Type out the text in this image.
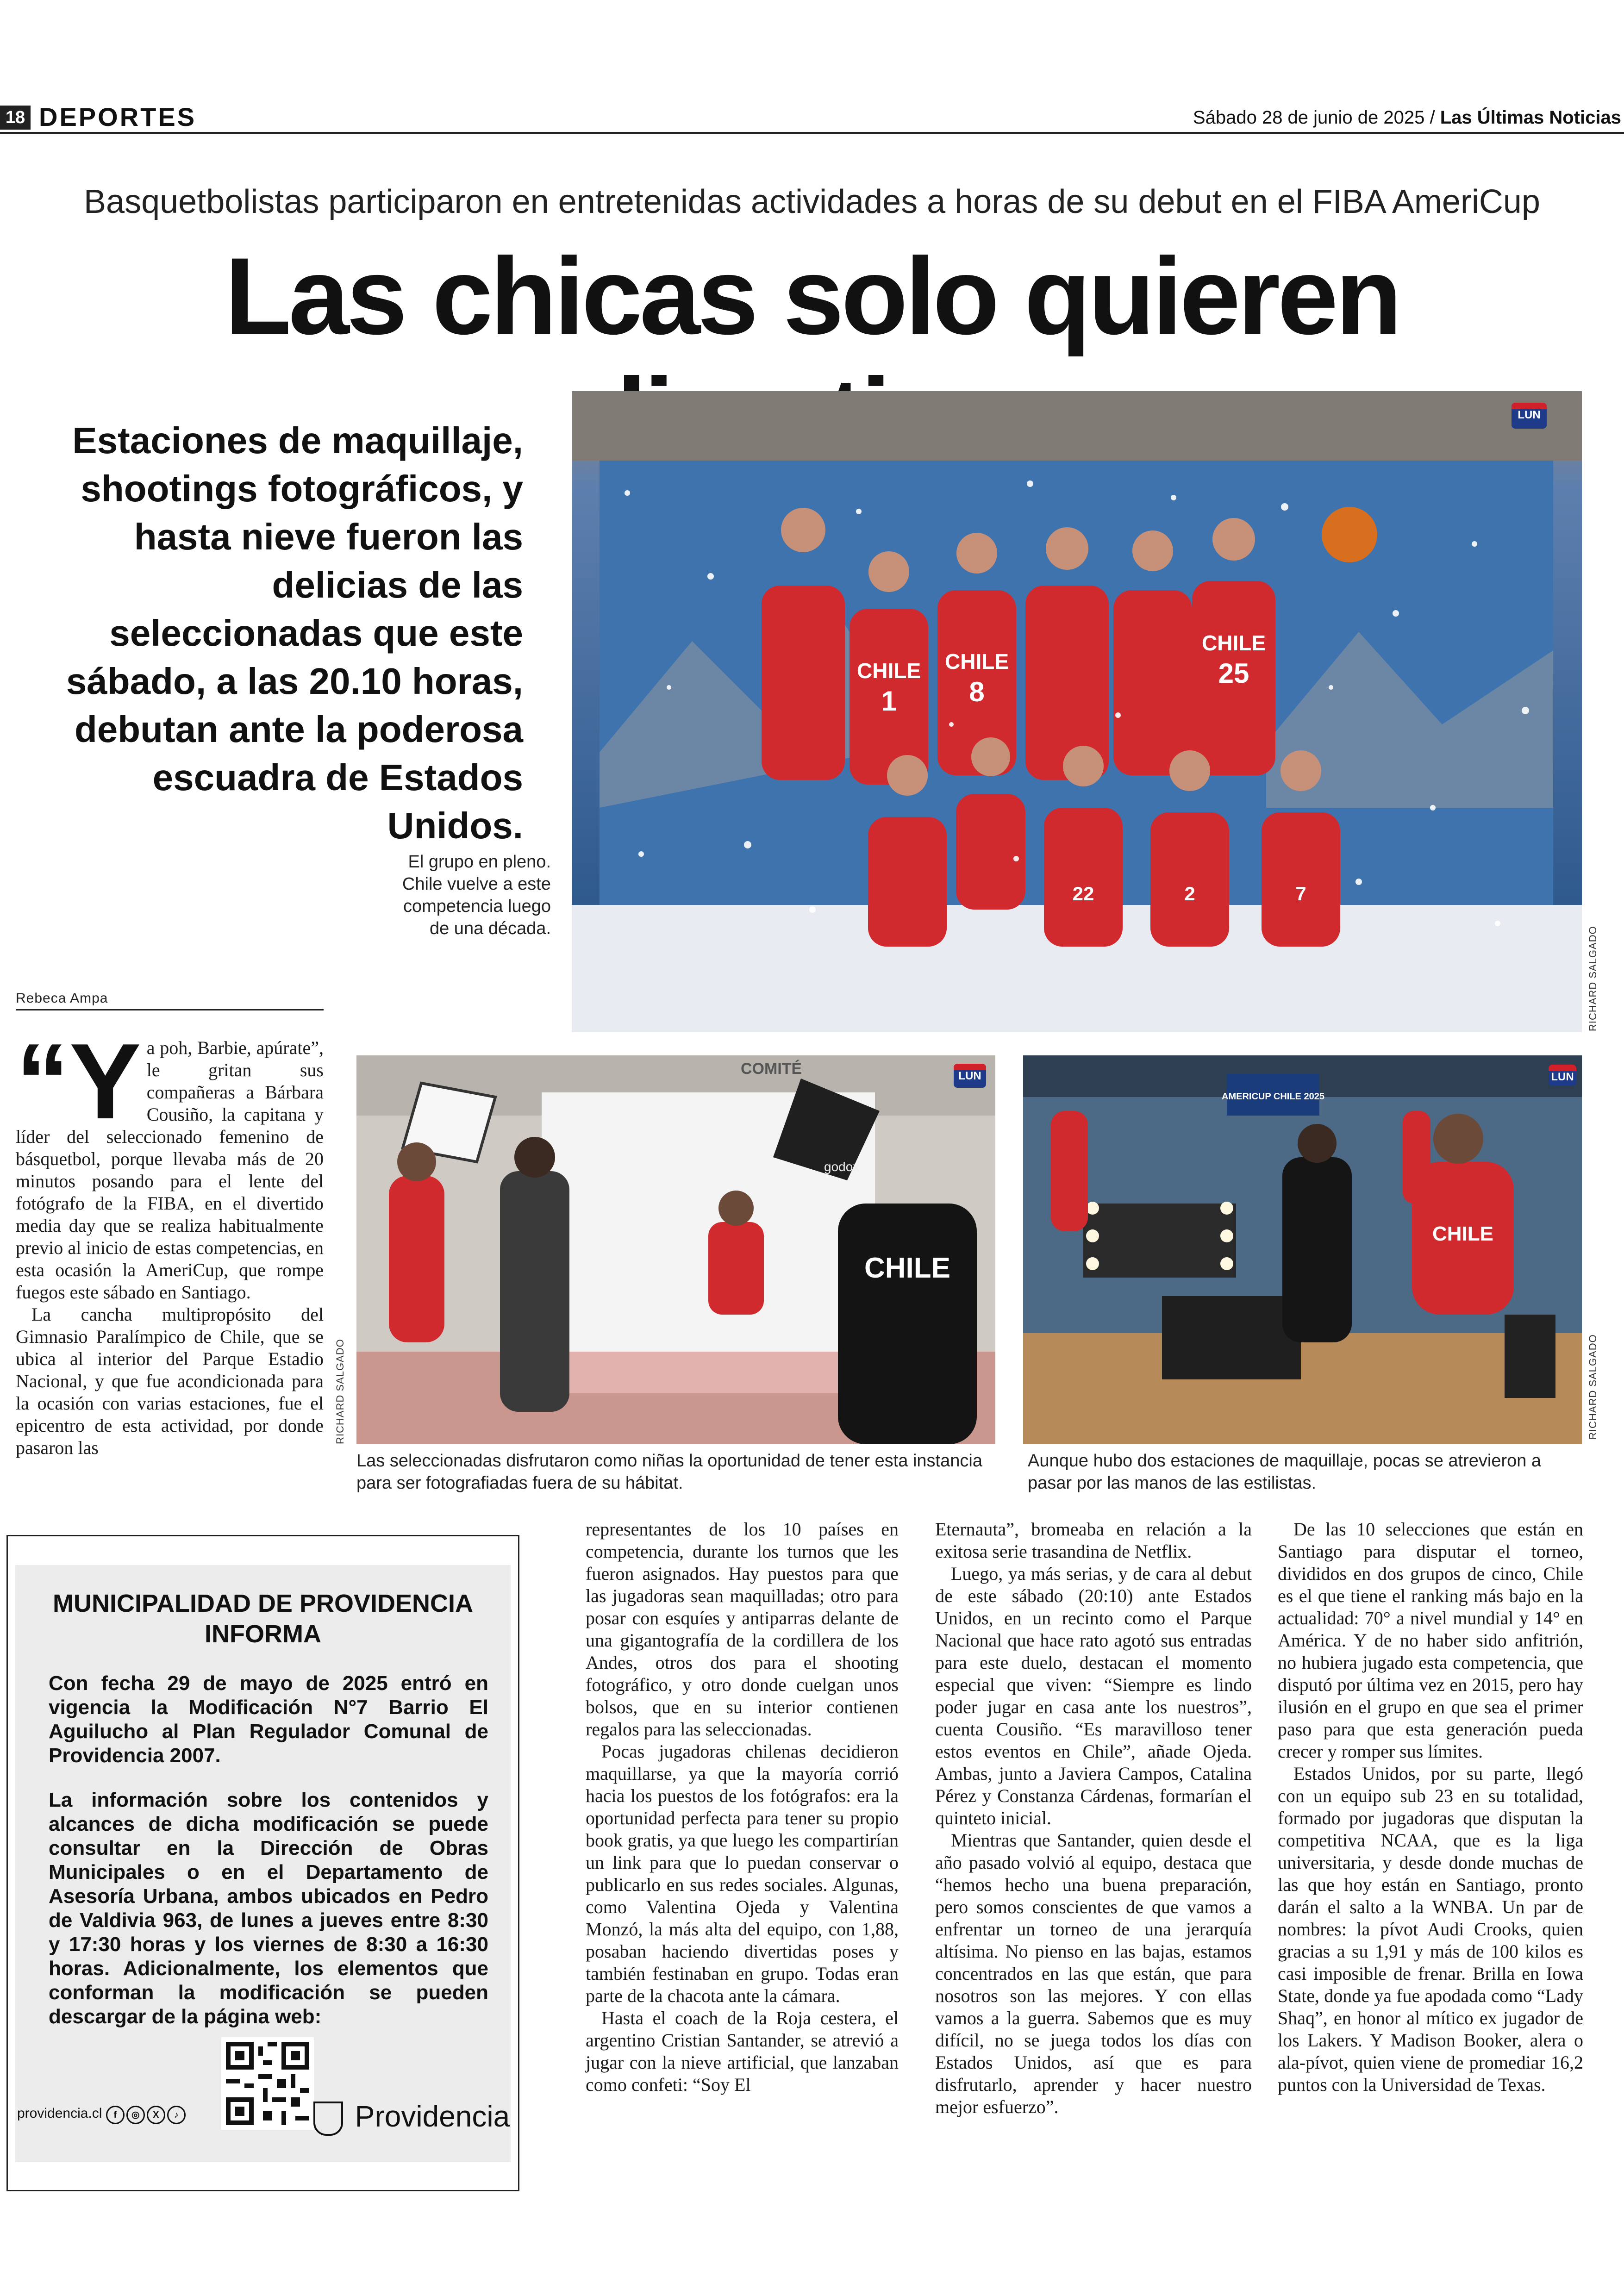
18 DEPORTES	Sábado 28 de junio de 2025 / Las Últimas Noticias
Basquetbolistas participaron en entretenidas actividades a horas de su debut en el FIBA AmeriCup
Las chicas solo quieren
Estaciones de maquillaje, shootings fotográficos, y hasta nieve fueron las delicias de las seleccionadas que este sábado, a las 20.10 horas, debutan ante la poderosa escuadra de Estados Unidos.
CHILE
1
CHILE
8
CHILE
25
22	2	7
LUN
El grupo en pleno. Chile vuelve a este competencia luego de una década.	RICHARD SALGADO
godox
COMITÉ
CHILE
LUN
RICHARD SALGADO
Las seleccionadas disfrutaron como niñas la oportunidad de tener esta instancia para ser fotografiadas fuera de su hábitat.
AMERICUP CHILE 2025
CHILE
LUN
RICHARD SALGADO
Aunque hubo dos estaciones de maquillaje, pocas se atrevieron a pasar por las manos de las estilistas.
Rebeca Ampa
“Y a poh, Barbie, apúrate”, le gritan sus compañeras a Bárbara Cousiño, la capitana y líder del seleccionado femenino de básquetbol, porque llevaba más de 20 minutos posando para el lente del fotógrafo de la FIBA, en el divertido media day que se realiza habitualmente previo al inicio de estas competencias, en esta ocasión la AmeriCup, que rompe fuegos este sábado en Santiago.

La cancha multipropósito del Gimnasio Paralímpico de Chile, que se ubica al interior del Parque Estadio Nacional, y que fue acondicionada para la ocasión con varias estaciones, fue el epicentro de esta actividad, por donde pasaron las

representantes de los 10 países en competencia, durante los turnos que les fueron asignados. Hay puestos para que las jugadoras sean maquilladas; otro para posar con esquíes y antiparras delante de una gigantografía de la cordillera de los Andes, otros dos para el shooting fotográfico, y otro donde cuelgan unos bolsos, que en su interior contienen regalos para las seleccionadas.

Pocas jugadoras chilenas decidieron maquillarse, ya que la mayoría corrió hacia los puestos de los fotógrafos: era la oportunidad perfecta para tener su propio book gratis, ya que luego les compartirían un link para que lo puedan conservar o publicarlo en sus redes sociales. Algunas, como Valentina Ojeda y Valentina Monzó, la más alta del equipo, con 1,88, posaban haciendo divertidas poses y también festinaban en grupo. Todas eran parte de la chacota ante la cámara.

Hasta el coach de la Roja cestera, el argentino Cristian Santander, se atrevió a jugar con la nieve artificial, que lanzaban como confeti: “Soy El

Eternauta”, bromeaba en relación a la exitosa serie trasandina de Netflix.

Luego, ya más serias, y de cara al debut de este sábado (20:10) ante Estados Unidos, en un recinto como el Parque Nacional que hace rato agotó sus entradas para este duelo, destacan el momento especial que viven: “Siempre es lindo poder jugar en casa ante los nuestros”, cuenta Cousiño. “Es maravilloso tener estos eventos en Chile”, añade Ojeda. Ambas, junto a Javiera Campos, Catalina Pérez y Constanza Cárdenas, formarían el quinteto inicial.

Mientras que Santander, quien desde el año pasado volvió al equipo, destaca que “hemos hecho una buena preparación, pero somos conscientes de que vamos a enfrentar un torneo de una jerarquía altísima. No pienso en las bajas, estamos concentrados en las que están, que para nosotros son las mejores. Y con ellas vamos a la guerra. Sabemos que es muy difícil, no se juega todos los días con Estados Unidos, así que es para disfrutarlo, aprender y hacer nuestro mejor esfuerzo”.

De las 10 selecciones que están en Santiago para disputar el torneo, divididos en dos grupos de cinco, Chile es el que tiene el ranking más bajo en la actualidad: 70° a nivel mundial y 14° en América. Y de no haber sido anfitrión, no hubiera jugado esta competencia, que disputó por última vez en 2015, pero hay ilusión en el grupo en que sea el primer paso para que esta generación pueda crecer y romper sus límites.

Estados Unidos, por su parte, llegó con un equipo sub 23 en su totalidad, formado por jugadoras que disputan la competitiva NCAA, que es la liga universitaria, y desde donde muchas de las que hoy están en Santiago, pronto darán el salto a la WNBA. Un par de nombres: la pívot Audi Crooks, quien gracias a su 1,91 y más de 100 kilos es casi imposible de frenar. Brilla en Iowa State, donde ya fue apodada como “Lady Shaq”, en honor al mítico ex jugador de los Lakers. Y Madison Booker, alera o ala-pívot, quien viene de promediar 16,2 puntos con la Universidad de Texas.

MUNICIPALIDAD DE PROVIDENCIA INFORMA

Con fecha 29 de mayo de 2025 entró en vigencia la Modificación N°7 Barrio El Aguilucho al Plan Regulador Comunal de Providencia 2007.

La información sobre los contenidos y alcances de dicha modificación se puede consultar en la Dirección de Obras Municipales o en el Departamento de Asesoría Urbana, ambos ubicados en Pedro de Valdivia 963, de lunes a jueves entre 8:30 y 17:30 horas y los viernes de 8:30 a 16:30 horas. Adicionalmente, los elementos que conforman la modificación se pueden descargar de la página web:

providencia.cl f ◎ X ♪	Providencia
